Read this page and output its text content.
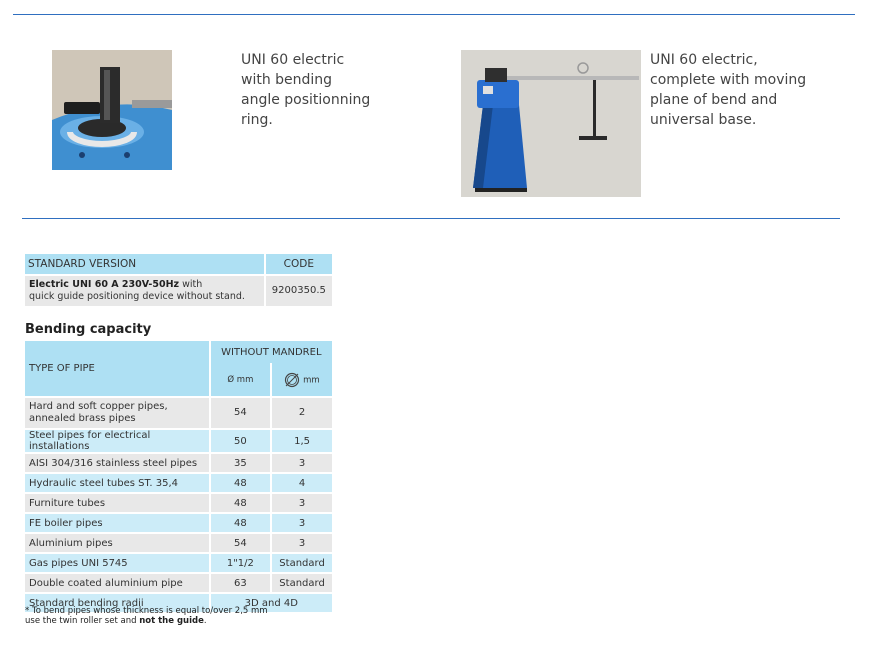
UNI 60 electric with bending angle positionning ring.
UNI 60 electric, complete with moving plane of bend and universal base.
STANDARD VERSION	CODE
Electric UNI 60 A 230V-50Hz with
quick guide positioning device without stand.	9200350.5
Bending capacity
TYPE OF PIPE	WITHOUT MANDREL	
	Ø mm	mm
Hard and soft copper pipes,
annealed brass pipes	54	2
Steel pipes for electrical installations	50	1,5
AISI 304/316 stainless steel pipes	35	3
Hydraulic steel tubes ST. 35,4	48	4
Furniture tubes	48	3
FE boiler pipes	48	3
Aluminium pipes	54	3
Gas pipes UNI 5745	1"1/2	Standard
Double coated aluminium pipe	63	Standard
Standard bending radii	3D and 4D	
* To bend pipes whose thickness is equal to/over 2,5 mm
use the twin roller set and not the guide.
